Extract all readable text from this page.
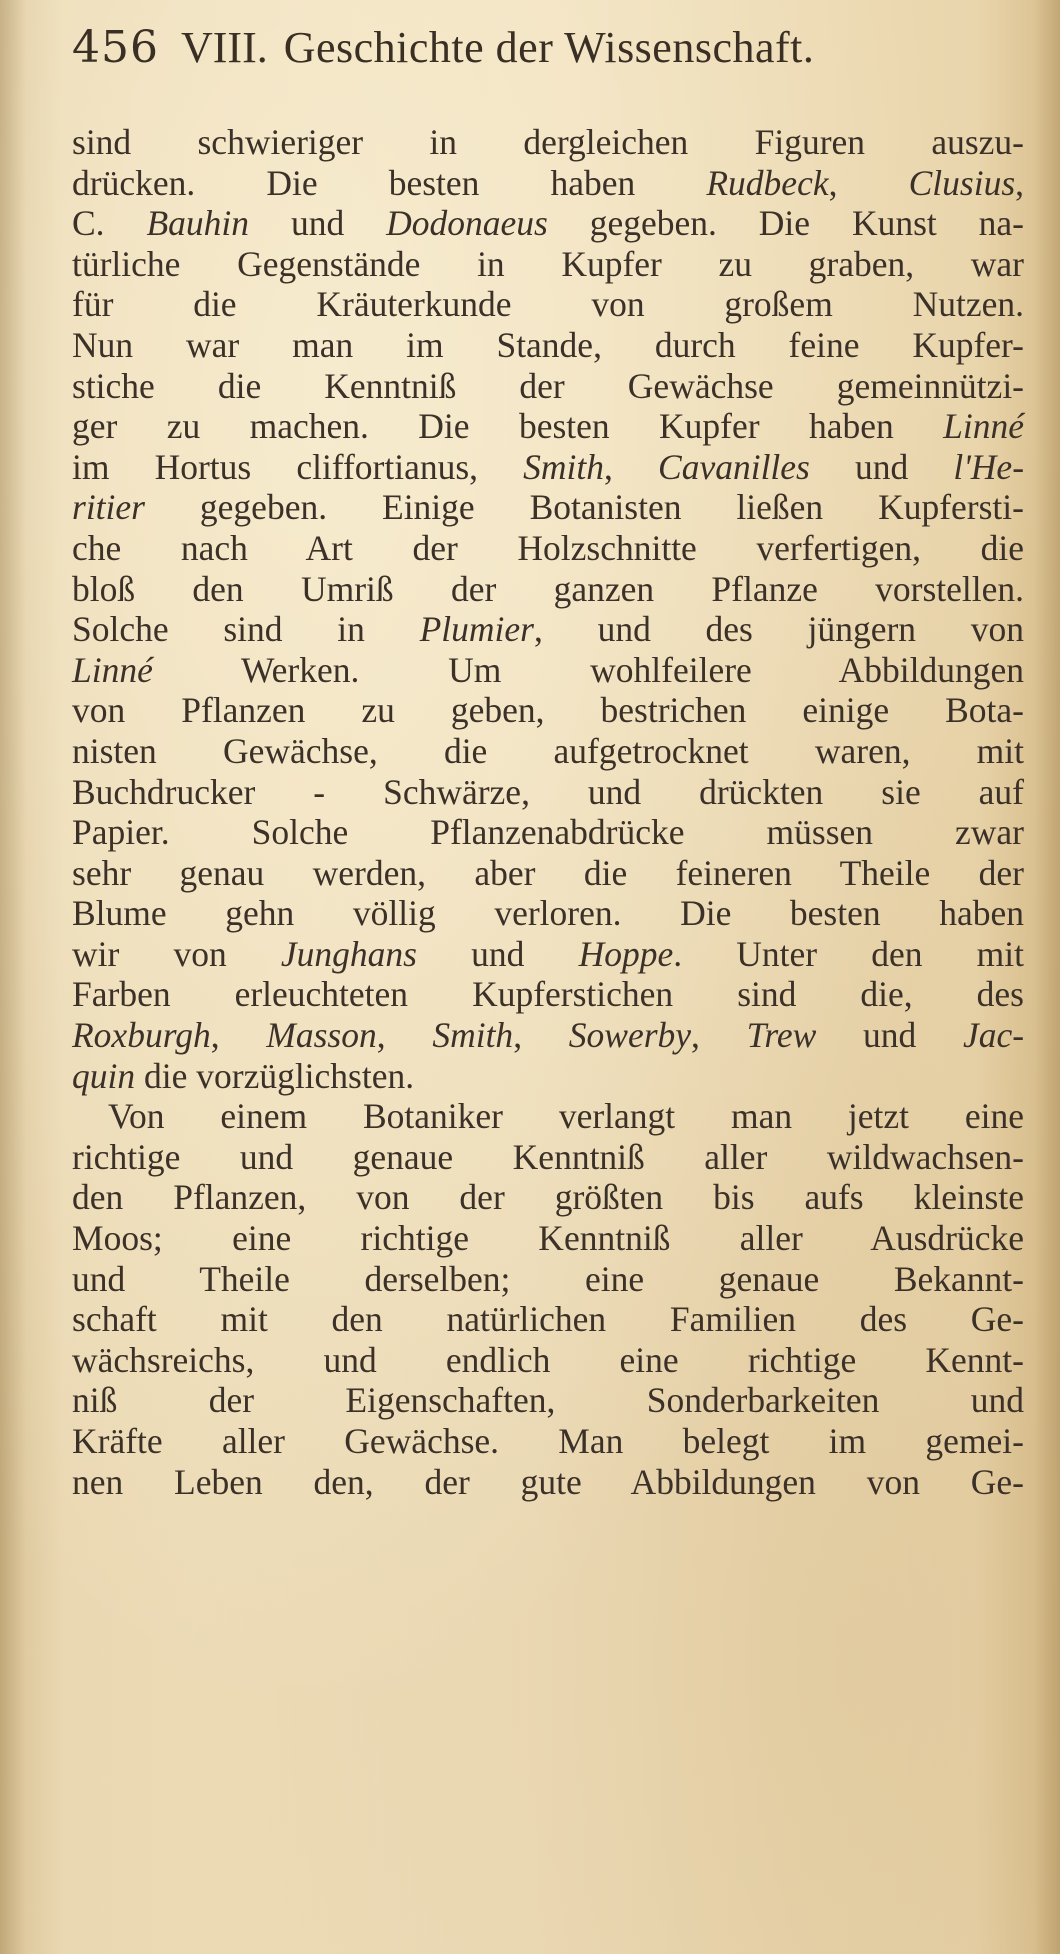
456 VIII. Geschichte der Wissenschaft.
sind schwieriger in dergleichen Figuren auszu-
drücken. Die besten haben Rudbeck, Clusius,
C. Bauhin und Dodonaeus gegeben. Die Kunst na-
türliche Gegenstände in Kupfer zu graben, war
für die Kräuterkunde von großem Nutzen.
Nun war man im Stande, durch feine Kupfer-
stiche die Kenntniß der Gewächse gemeinnützi-
ger zu machen. Die besten Kupfer haben Linné
im Hortus cliffortianus, Smith, Cavanilles und l'He-
ritier gegeben. Einige Botanisten ließen Kupfersti-
che nach Art der Holzschnitte verfertigen, die
bloß den Umriß der ganzen Pflanze vorstellen.
Solche sind in Plumier, und des jüngern von
Linné Werken. Um wohlfeilere Abbildungen
von Pflanzen zu geben, bestrichen einige Bota-
nisten Gewächse, die aufgetrocknet waren, mit
Buchdrucker - Schwärze, und drückten sie auf
Papier. Solche Pflanzenabdrücke müssen zwar
sehr genau werden, aber die feineren Theile der
Blume gehn völlig verloren. Die besten haben
wir von Junghans und Hoppe. Unter den mit
Farben erleuchteten Kupferstichen sind die, des
Roxburgh, Masson, Smith, Sowerby, Trew und Jac-
quin die vorzüglichsten.
Von einem Botaniker verlangt man jetzt eine
richtige und genaue Kenntniß aller wildwachsen-
den Pflanzen, von der größten bis aufs kleinste
Moos; eine richtige Kenntniß aller Ausdrücke
und Theile derselben; eine genaue Bekannt-
schaft mit den natürlichen Familien des Ge-
wächsreichs, und endlich eine richtige Kennt-
niß der Eigenschaften, Sonderbarkeiten und
Kräfte aller Gewächse. Man belegt im gemei-
nen Leben den, der gute Abbildungen von Ge-
